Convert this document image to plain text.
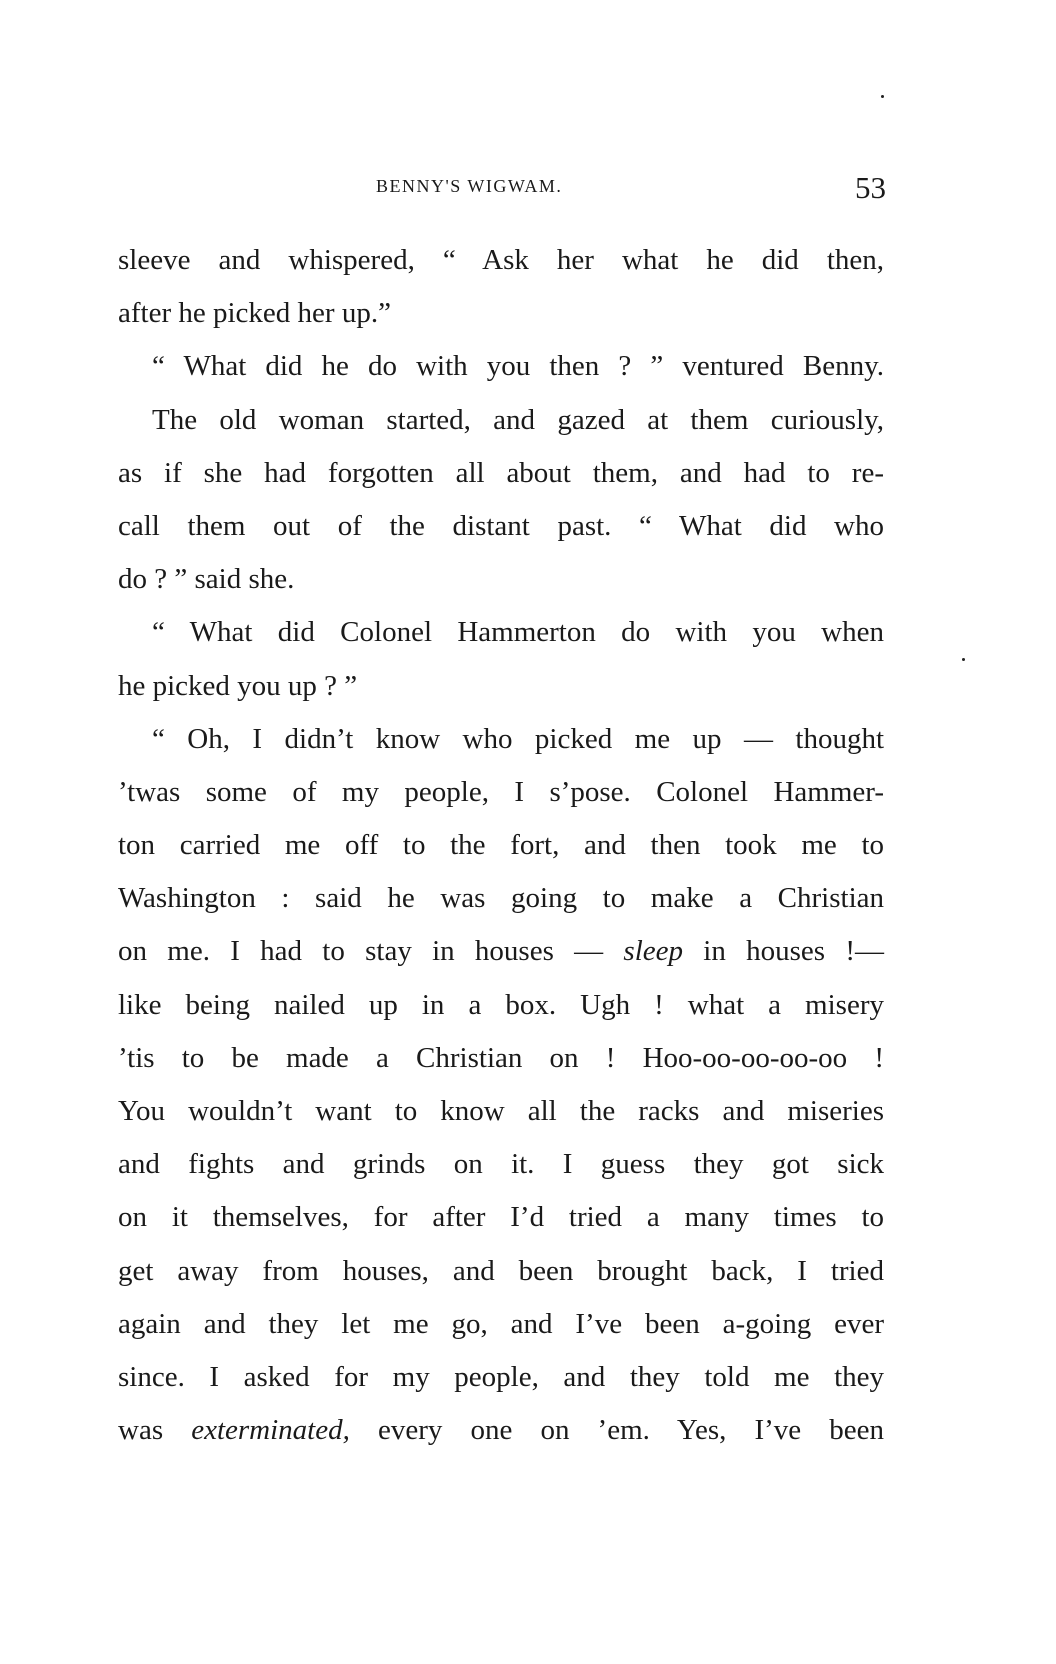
BENNY'S WIGWAM.	53
sleeve and whispered, “ Ask her what he did then,
after he picked her up.”
“ What did he do with you then ? ” ventured Benny.
The old woman started, and gazed at them curiously,
as if she had forgotten all about them, and had to re-
call them out of the distant past. “ What did who
do ? ” said she.
“ What did Colonel Hammerton do with you when
he picked you up ? ”
“ Oh, I didn’t know who picked me up — thought
’twas some of my people, I s’pose. Colonel Hammer-
ton carried me off to the fort, and then took me to
Washington : said he was going to make a Christian
on me. I had to stay in houses — sleep in houses !—
like being nailed up in a box. Ugh ! what a misery
’tis to be made a Christian on ! Hoo-oo-oo-oo-oo !
You wouldn’t want to know all the racks and miseries
and fights and grinds on it. I guess they got sick
on it themselves, for after I’d tried a many times to
get away from houses, and been brought back, I tried
again and they let me go, and I’ve been a-going ever
since. I asked for my people, and they told me they
was exterminated, every one on ’em. Yes, I’ve been
